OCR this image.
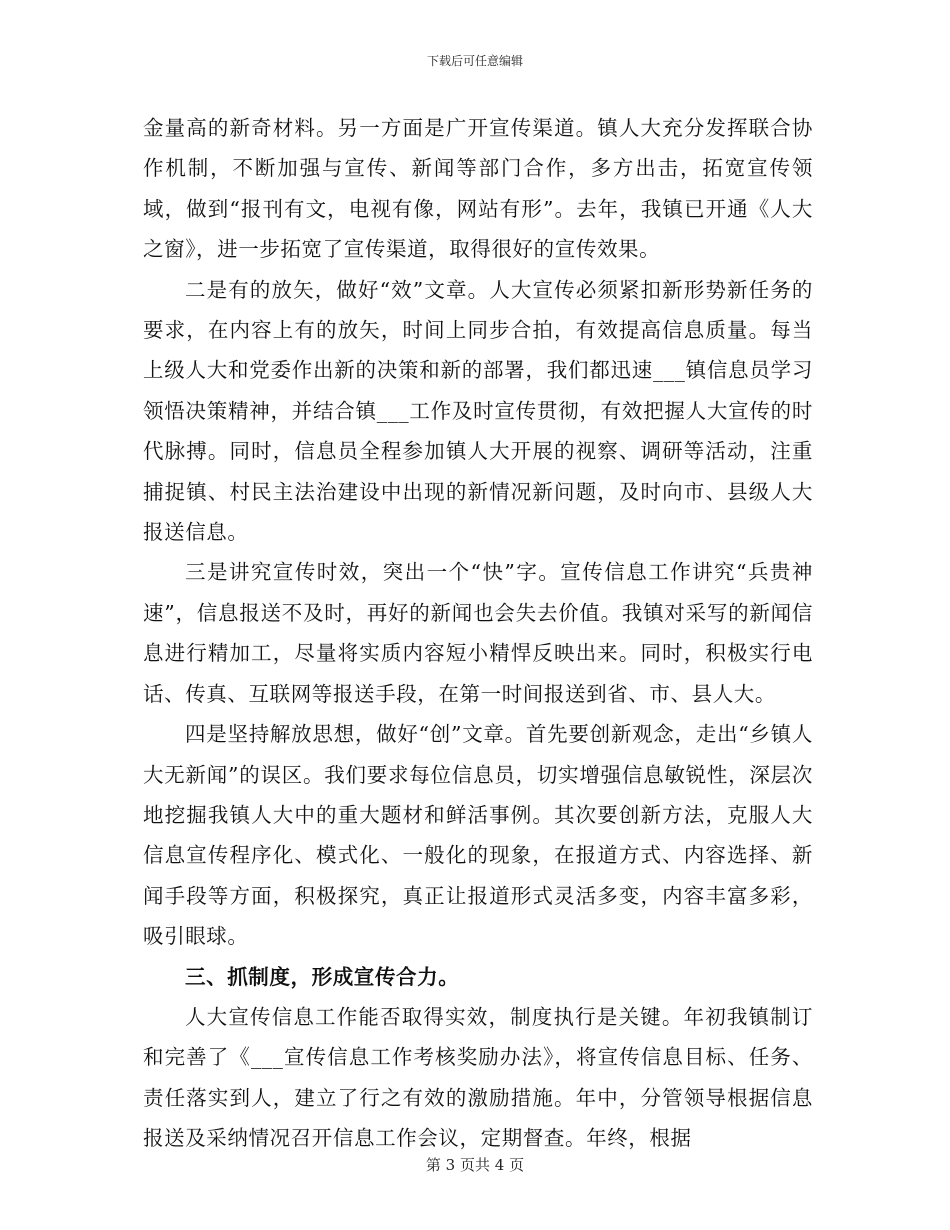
下载后可任意编辑

金量高的新奇材料。另一方面是广开宣传渠道。镇人大充分发挥联合协作机制，不断加强与宣传、新闻等部门合作，多方出击，拓宽宣传领域，做到“报刊有文，电视有像，网站有形”。去年，我镇已开通《人大之窗》，进一步拓宽了宣传渠道，取得很好的宣传效果。

二是有的放矢，做好“效”文章。人大宣传必须紧扣新形势新任务的要求，在内容上有的放矢，时间上同步合拍，有效提高信息质量。每当上级人大和党委作出新的决策和新的部署，我们都迅速___镇信息员学习领悟决策精神，并结合镇___工作及时宣传贯彻，有效把握人大宣传的时代脉搏。同时，信息员全程参加镇人大开展的视察、调研等活动，注重捕捉镇、村民主法治建设中出现的新情况新问题，及时向市、县级人大报送信息。

三是讲究宣传时效，突出一个“快”字。宣传信息工作讲究“兵贵神速”，信息报送不及时，再好的新闻也会失去价值。我镇对采写的新闻信息进行精加工，尽量将实质内容短小精悍反映出来。同时，积极实行电话、传真、互联网等报送手段，在第一时间报送到省、市、县人大。

四是坚持解放思想，做好“创”文章。首先要创新观念，走出“乡镇人大无新闻”的误区。我们要求每位信息员，切实增强信息敏锐性，深层次地挖掘我镇人大中的重大题材和鲜活事例。其次要创新方法，克服人大信息宣传程序化、模式化、一般化的现象，在报道方式、内容选择、新闻手段等方面，积极探究，真正让报道形式灵活多变，内容丰富多彩，吸引眼球。

三、抓制度，形成宣传合力。

人大宣传信息工作能否取得实效，制度执行是关键。年初我镇制订和完善了《___宣传信息工作考核奖励办法》，将宣传信息目标、任务、责任落实到人，建立了行之有效的激励措施。年中，分管领导根据信息报送及采纳情况召开信息工作会议，定期督查。年终，根据

第 3 页共 4 页
